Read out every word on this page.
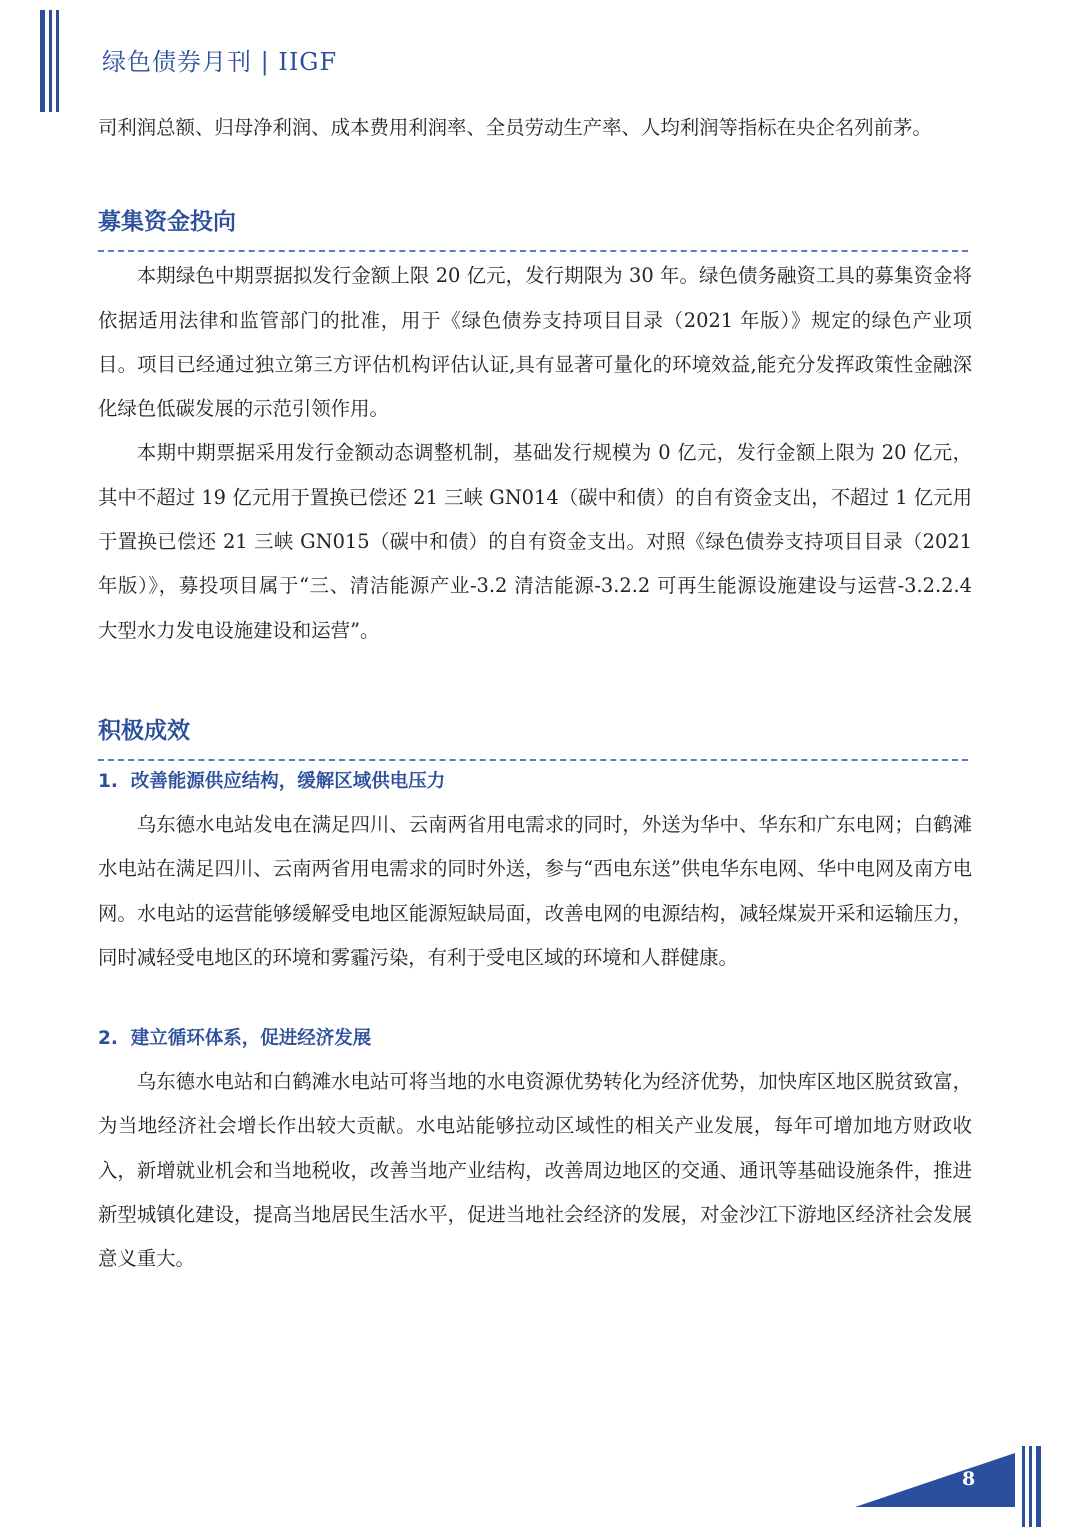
绿色债券月刊 | IIGF

司利润总额、归母净利润、成本费用利润率、全员劳动生产率、人均利润等指标在央企名列前茅。

募集资金投向

本期绿色中期票据拟发行金额上限 20 亿元，发行期限为 30 年。绿色债务融资工具的募集资金将依据适用法律和监管部门的批准，用于《绿色债券支持项目目录（2021 年版）》规定的绿色产业项目。项目已经通过独立第三方评估机构评估认证,具有显著可量化的环境效益,能充分发挥政策性金融深化绿色低碳发展的示范引领作用。

本期中期票据采用发行金额动态调整机制，基础发行规模为 0 亿元，发行金额上限为 20 亿元，其中不超过 19 亿元用于置换已偿还 21 三峡 GN014（碳中和债）的自有资金支出，不超过 1 亿元用于置换已偿还 21 三峡 GN015（碳中和债）的自有资金支出。对照《绿色债券支持项目目录（2021 年版）》，募投项目属于“三、清洁能源产业-3.2 清洁能源-3.2.2 可再生能源设施建设与运营-3.2.2.4 大型水力发电设施建设和运营”。

积极成效
1.  改善能源供应结构，缓解区域供电压力

乌东德水电站发电在满足四川、云南两省用电需求的同时，外送为华中、华东和广东电网；白鹤滩水电站在满足四川、云南两省用电需求的同时外送，参与“西电东送”供电华东电网、华中电网及南方电网。水电站的运营能够缓解受电地区能源短缺局面，改善电网的电源结构，减轻煤炭开采和运输压力，同时减轻受电地区的环境和雾霾污染，有利于受电区域的环境和人群健康。

2.  建立循环体系，促进经济发展

乌东德水电站和白鹤滩水电站可将当地的水电资源优势转化为经济优势，加快库区地区脱贫致富，为当地经济社会增长作出较大贡献。水电站能够拉动区域性的相关产业发展，每年可增加地方财政收入，新增就业机会和当地税收，改善当地产业结构，改善周边地区的交通、通讯等基础设施条件，推进新型城镇化建设，提高当地居民生活水平，促进当地社会经济的发展，对金沙江下游地区经济社会发展意义重大。

8
